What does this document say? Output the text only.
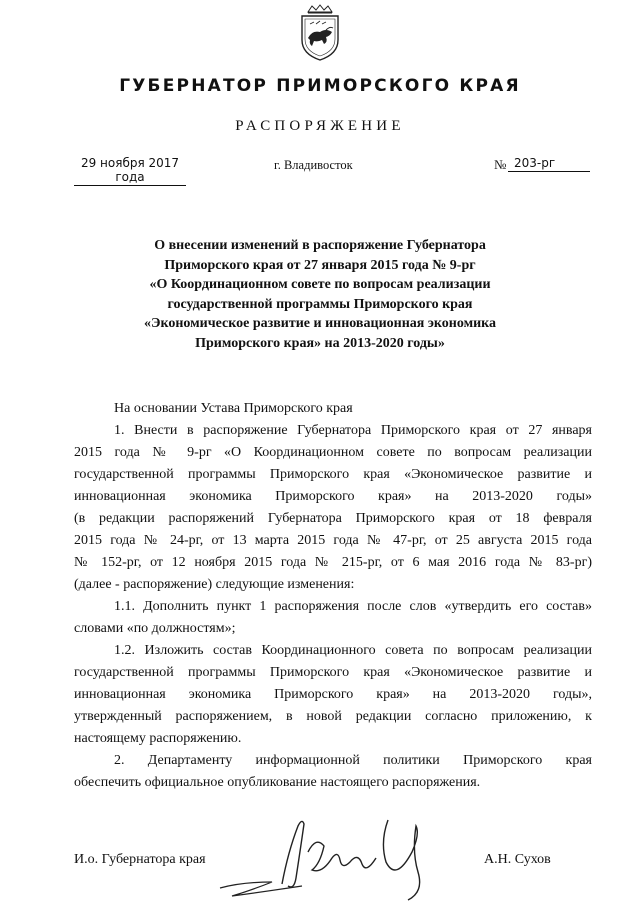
ГУБЕРНАТОР ПРИМОРСКОГО КРАЯ
РАСПОРЯЖЕНИЕ
29 ноября 2017 года
г. Владивосток	№ 203-рг
О внесении изменений в распоряжение Губернатора
Приморского края от 27 января 2015 года № 9-рг
«О Координационном совете по вопросам реализации
государственной программы Приморского края
«Экономическое развитие и инновационная экономика
Приморского края» на 2013-2020 годы»
На основании Устава Приморского края
1. Внести в распоряжение Губернатора Приморского края от 27 января
2015 года № 9-рг «О Координационном совете по вопросам реализации
государственной программы Приморского края «Экономическое развитие и
инновационная экономика Приморского края» на 2013-2020 годы»
(в редакции распоряжений Губернатора Приморского края от 18 февраля
2015 года № 24-рг, от 13 марта 2015 года № 47-рг, от 25 августа 2015 года
№ 152-рг, от 12 ноября 2015 года № 215-рг, от 6 мая 2016 года № 83-рг)
(далее - распоряжение) следующие изменения:
1.1. Дополнить пункт 1 распоряжения после слов «утвердить его состав»
словами «по должностям»;
1.2. Изложить состав Координационного совета по вопросам реализации
государственной программы Приморского края «Экономическое развитие и
инновационная экономика Приморского края» на 2013-2020 годы»,
утвержденный распоряжением, в новой редакции согласно приложению, к
настоящему распоряжению.
2. Департаменту информационной политики Приморского края
обеспечить официальное опубликование настоящего распоряжения.
И.о. Губернатора края	А.Н. Сухов
